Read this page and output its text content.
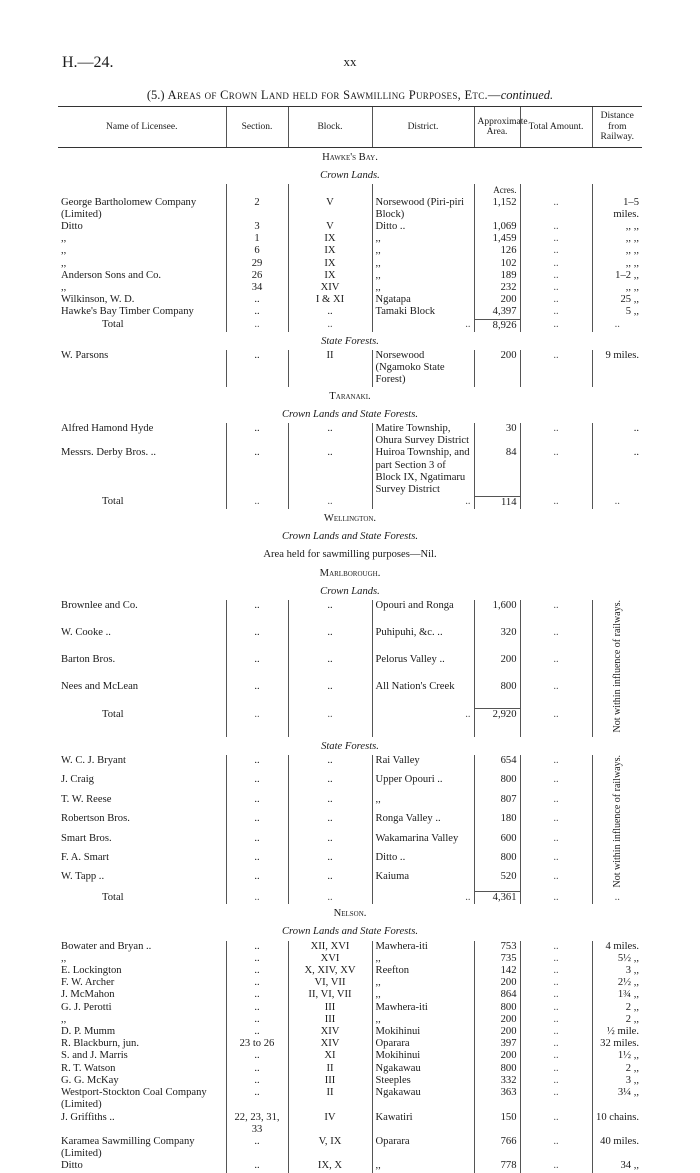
H.—24.	xx
(5.) Areas of Crown Land held for Sawmilling Purposes, Etc.—continued.
Name of Licensee.	Section.	Block.	District.	Approximate Area.	Total Amount.	Distance from Railway.
Hawke's Bay.						
Crown Lands.						
				Acres.		
George Bartholomew Company (Limited)	2	V	Norsewood (Piri-piri Block)	1,152	..	1–5 miles.
Ditto	3	V	Ditto ..	1,069	..	,, ,,
,,	1	IX	,,	1,459	..	,, ,,
,,	6	IX	,,	126	..	,, ,,
,,	29	IX	,,	102	..	,, ,,
Anderson Sons and Co.	26	IX	,,	189	..	1–2 ,,
,,	34	XIV	,,	232	..	,, ,,
Wilkinson, W. D.	..	I & XI	Ngatapa	200	..	25 ,,
Hawke's Bay Timber Company	..	..	Tamaki Block	4,397	..	5 ,,
Total	..	..	..	8,926	..	..
State Forests.						
W. Parsons	..	II	Norsewood (Ngamoko State Forest)	200	..	9 miles.
Taranaki.						
Crown Lands and State Forests.						
Alfred Hamond Hyde	..	..	Matire Township, Ohura Survey District	30	..	..
Messrs. Derby Bros. ..	..	..	Huiroa Township, and part Section 3 of Block IX, Ngatimaru Survey District	84	..	..
Total	..	..	..	114	..	..
Wellington.						
Crown Lands and State Forests.						
Area held for sawmilling purposes—Nil.						
Marlborough.						
Crown Lands.						
Brownlee and Co.	..	..	Opouri and Ronga	1,600	..	Not within influence of railways.
W. Cooke ..	..	..	Puhipuhi, &c. ..	320	..	
Barton Bros.	..	..	Pelorus Valley ..	200	..	
Nees and McLean	..	..	All Nation's Creek	800	..	
Total	..	..	..	2,920	..	
State Forests.						
W. C. J. Bryant	..	..	Rai Valley	654	..	Not within influence of railways.
J. Craig	..	..	Upper Opouri ..	800	..	
T. W. Reese	..	..	,,	807	..	
Robertson Bros.	..	..	Ronga Valley ..	180	..	
Smart Bros.	..	..	Wakamarina Valley	600	..	
F. A. Smart	..	..	Ditto ..	800	..	
W. Tapp ..	..	..	Kaiuma	520	..	
Total	..	..	..	4,361	..	..
Nelson.						
Crown Lands and State Forests.						
Bowater and Bryan ..	..	XII, XVI	Mawhera-iti	753	..	4 miles.
,,	..	XVI	,,	735	..	5½ ,,
E. Lockington	..	X, XIV, XV	Reefton	142	..	3 ,,
F. W. Archer	..	VI, VII	,,	200	..	2½ ,,
J. McMahon	..	II, VI, VII	,,	864	..	1¾ ,,
G. J. Perotti	..	III	Mawhera-iti	800	..	2 ,,
,,	..	III	,,	200	..	2 ,,
D. P. Mumm	..	XIV	Mokihinui	200	..	½ mile.
R. Blackburn, jun.	23 to 26	XIV	Oparara	397	..	32 miles.
S. and J. Marris	..	XI	Mokihinui	200	..	1½ ,,
R. T. Watson	..	II	Ngakawau	800	..	2 ,,
G. G. McKay	..	III	Steeples	332	..	3 ,,
Westport-Stockton Coal Company (Limited)	..	II	Ngakawau	363	..	3¼ ,,
J. Griffiths ..	22, 23, 31, 33	IV	Kawatiri	150	..	10 chains.
Karamea Sawmilling Company (Limited)	..	V, IX	Oparara	766	..	40 miles.
Ditto	..	IX, X	,,	778	..	34 ,,
